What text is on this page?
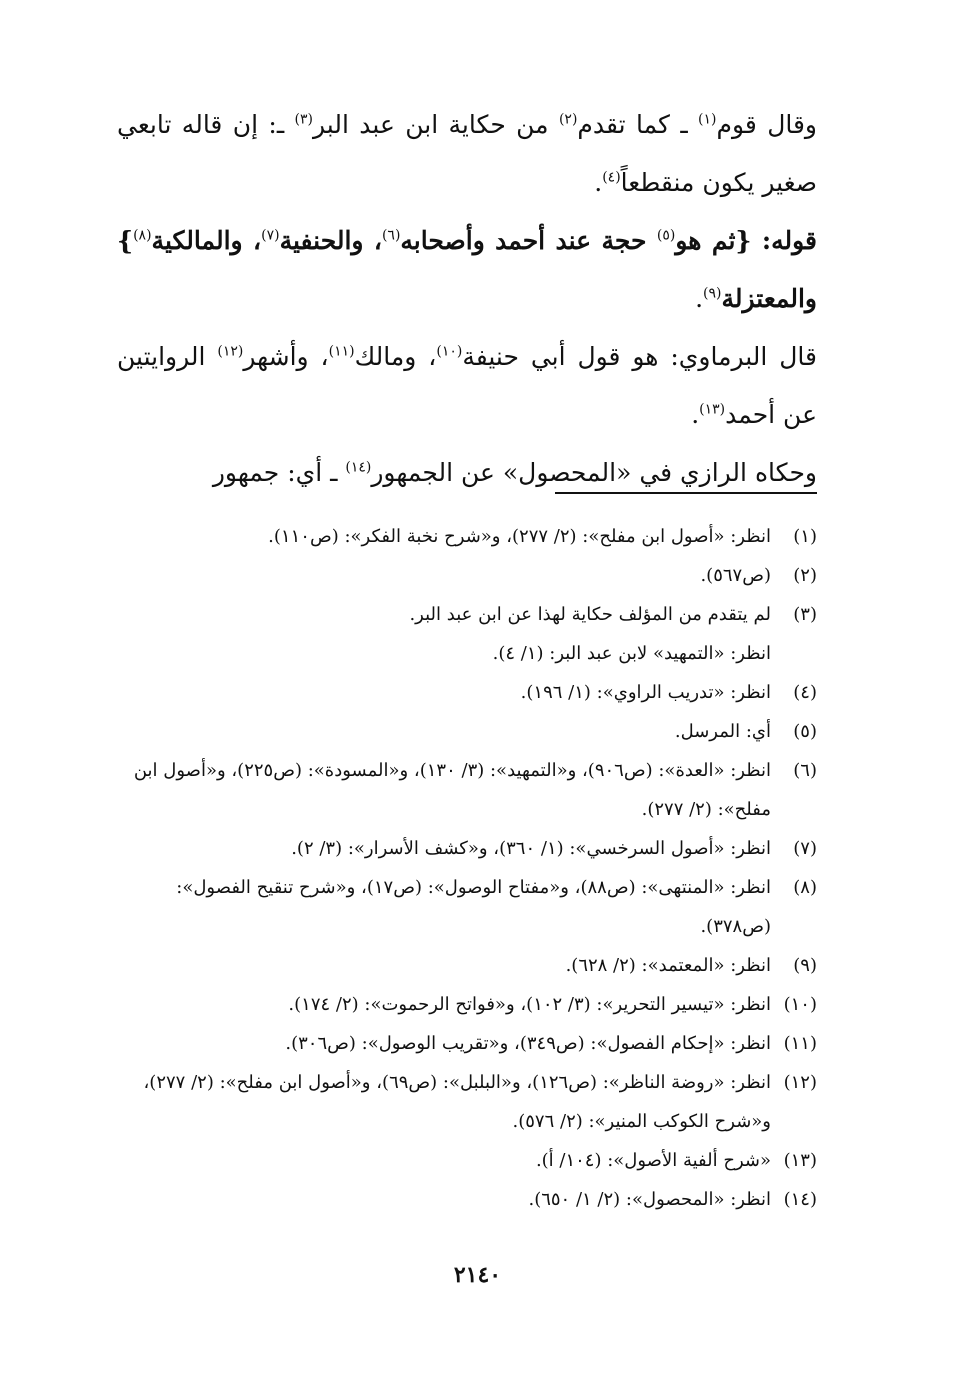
وقال قوم$^{(١)}$ ـ كما تقدم$^{(٢)}$ من حكاية ابن عبد البر$^{(٣)}$ ـ: إن قاله تابعي صغير يكون منقطعاً$^{(٤)}$.

قوله: {ثم هو$^{(٥)}$ حجة عند أحمد وأصحابه$^{(٦)}$، والحنفية$^{(٧)}$، والمالكية$^{(٨)}$} والمعتزلة$^{(٩)}$.

قال البرماوي: هو قول أبي حنيفة$^{(١٠)}$، ومالك$^{(١١)}$، وأشهر$^{(١٢)}$ الروايتين عن أحمد$^{(١٣)}$.

وحكاه الرازي في «المحصول» عن الجمهور$^{(١٤)}$ ـ أي: جمهور

(١)
انظر: «أصول ابن مفلح»: (٢/ ٢٧٧)، و«شرح نخبة الفكر»: (ص١١٠).
(٢)
(ص٥٦٧).
(٣)
لم يتقدم من المؤلف حكاية لهذا عن ابن عبد البر.
انظر: «التمهيد» لابن عبد البر: (١/ ٤).
(٤)
انظر: «تدريب الراوي»: (١/ ١٩٦).
(٥)
أي: المرسل.
(٦)
انظر: «العدة»: (ص٩٠٦)، و«التمهيد»: (٣/ ١٣٠)، و«المسودة»: (ص٢٢٥)، و«أصول ابن مفلح»: (٢/ ٢٧٧).
(٧)
انظر: «أصول السرخسي»: (١/ ٣٦٠)، و«كشف الأسرار»: (٣/ ٢).
(٨)
انظر: «المنتهى»: (ص٨٨)، و«مفتاح الوصول»: (ص١٧)، و«شرح تنقيح الفصول»: (ص٣٧٨).
(٩)
انظر: «المعتمد»: (٢/ ٦٢٨).
(١٠)
انظر: «تيسير التحرير»: (٣/ ١٠٢)، و«فواتح الرحموت»: (٢/ ١٧٤).
(١١)
انظر: «إحكام الفصول»: (ص٣٤٩)، و«تقريب الوصول»: (ص٣٠٦).
(١٢)
انظر: «روضة الناظر»: (ص١٢٦)، و«البلبل»: (ص٦٩)، و«أصول ابن مفلح»: (٢/ ٢٧٧)، و«شرح الكوكب المنير»: (٢/ ٥٧٦).
(١٣)
«شرح ألفية الأصول»: (١٠٤/ أ).
(١٤)
انظر: «المحصول»: (٢/ ١/ ٦٥٠).
٢١٤٠
